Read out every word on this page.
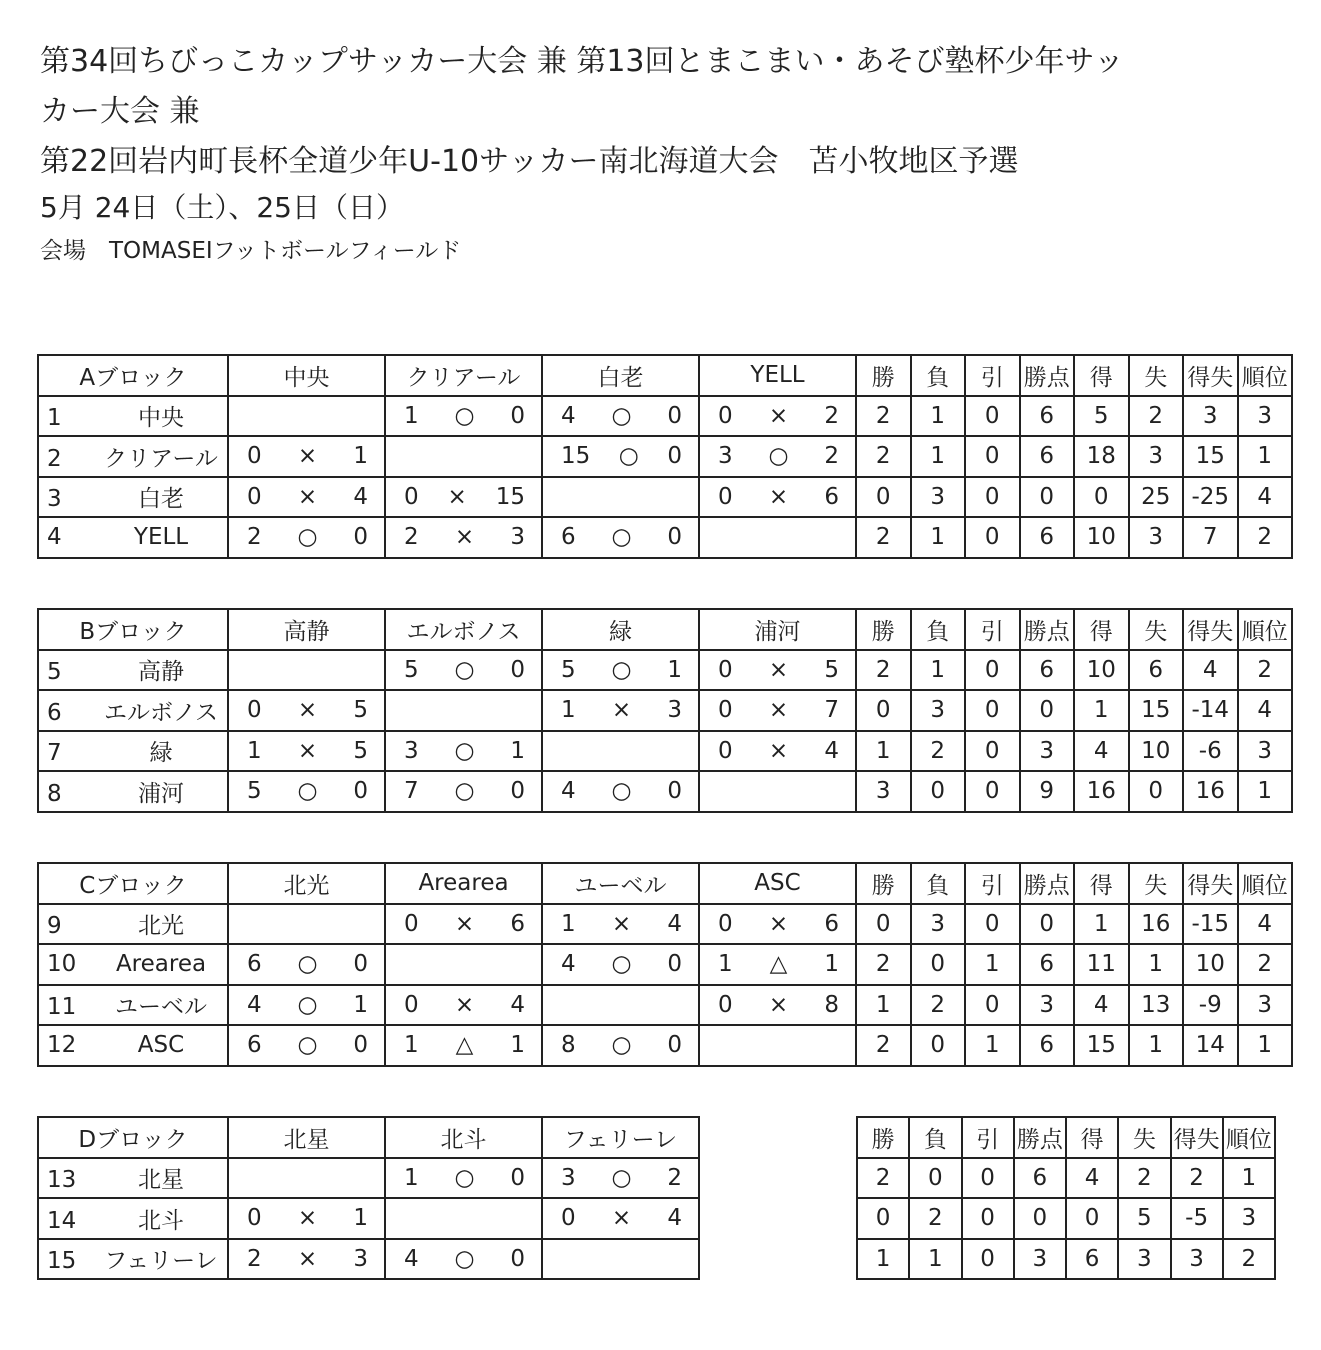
第34回ちびっこカップサッカー大会 兼 第13回とまこまい・あそび塾杯少年サッ
カー大会 兼
第22回岩内町長杯全道少年U-10サッカー南北海道大会　苫小牧地区予選
5月 24日（土）、25日（日）
会場　TOMASEIフットボールフィールド
Aブロック	中央	クリアール	白老	YELL	勝	負	引	勝点	得	失	得失	順位
1 中央		1 ○ 0	4 ○ 0	0 × 2	2	1	0	6	5	2	3	3
2 クリアール	0 × 1		15 ○ 0	3 ○ 2	2	1	0	6	18	3	15	1
3 白老	0 × 4	0 × 15		0 × 6	0	3	0	0	0	25	-25	4
4 YELL	2 ○ 0	2 × 3	6 ○ 0		2	1	0	6	10	3	7	2
Bブロック	高静	エルボノス	緑	浦河	勝	負	引	勝点	得	失	得失	順位
5 高静		5 ○ 0	5 ○ 1	0 × 5	2	1	0	6	10	6	4	2
6 エルボノス	0 × 5		1 × 3	0 × 7	0	3	0	0	1	15	-14	4
7 緑	1 × 5	3 ○ 1		0 × 4	1	2	0	3	4	10	-6	3
8 浦河	5 ○ 0	7 ○ 0	4 ○ 0		3	0	0	9	16	0	16	1
Cブロック	北光	Arearea	ユーベル	ASC	勝	負	引	勝点	得	失	得失	順位
9 北光		0 × 6	1 × 4	0 × 6	0	3	0	0	1	16	-15	4
10 Arearea	6 ○ 0		4 ○ 0	1 △ 1	2	0	1	6	11	1	10	2
11 ユーベル	4 ○ 1	0 × 4		0 × 8	1	2	0	3	4	13	-9	3
12 ASC	6 ○ 0	1 △ 1	8 ○ 0		2	0	1	6	15	1	14	1
Dブロック	北星	北斗	フェリーレ
13 北星		1 ○ 0	3 ○ 2

14 北斗	0 × 1		0 × 4

15 フェリーレ	2 × 3	4 ○ 0	

勝	負	引	勝点	得	失	得失	順位
2	0	0	6	4	2	2	1
0	2	0	0	0	5	-5	3
1	1	0	3	6	3	3	2
